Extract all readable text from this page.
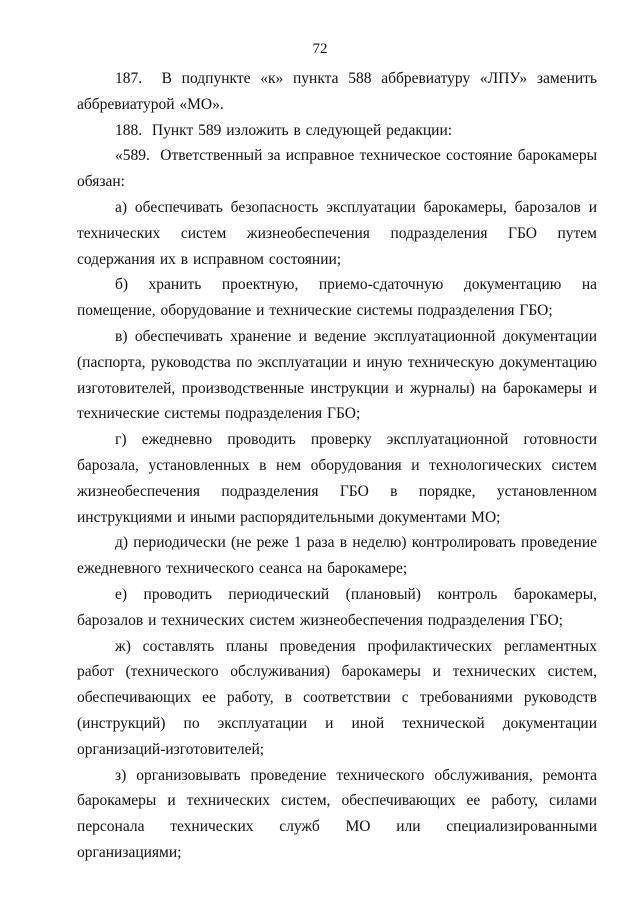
72

187.  В подпункте «к» пункта 588 аббревиатуру «ЛПУ» заменить аббревиатурой «МО».

188.  Пункт 589 изложить в следующей редакции:

«589.  Ответственный за исправное техническое состояние барокамеры обязан:

а) обеспечивать безопасность эксплуатации барокамеры, барозалов и технических систем жизнеобеспечения подразделения ГБО путем содержания их в исправном состоянии;

б) хранить проектную, приемо-сдаточную документацию на помещение, оборудование и технические системы подразделения ГБО;

в) обеспечивать хранение и ведение эксплуатационной документации (паспорта, руководства по эксплуатации и иную техническую документацию изготовителей, производственные инструкции и журналы) на барокамеры и технические системы подразделения ГБО;

г) ежедневно проводить проверку эксплуатационной готовности барозала, установленных в нем оборудования и технологических систем жизнеобеспечения подразделения ГБО в порядке, установленном инструкциями и иными распорядительными документами МО;

д) периодически (не реже 1 раза в неделю) контролировать проведение ежедневного технического сеанса на барокамере;

е) проводить периодический (плановый) контроль барокамеры, барозалов и технических систем жизнеобеспечения подразделения ГБО;

ж) составлять планы проведения профилактических регламентных работ (технического обслуживания) барокамеры и технических систем, обеспечивающих ее работу, в соответствии с требованиями руководств (инструкций) по эксплуатации и иной технической документации организаций-изготовителей;

з) организовывать проведение технического обслуживания, ремонта барокамеры и технических систем, обеспечивающих ее работу, силами персонала технических служб МО или специализированными организациями;
